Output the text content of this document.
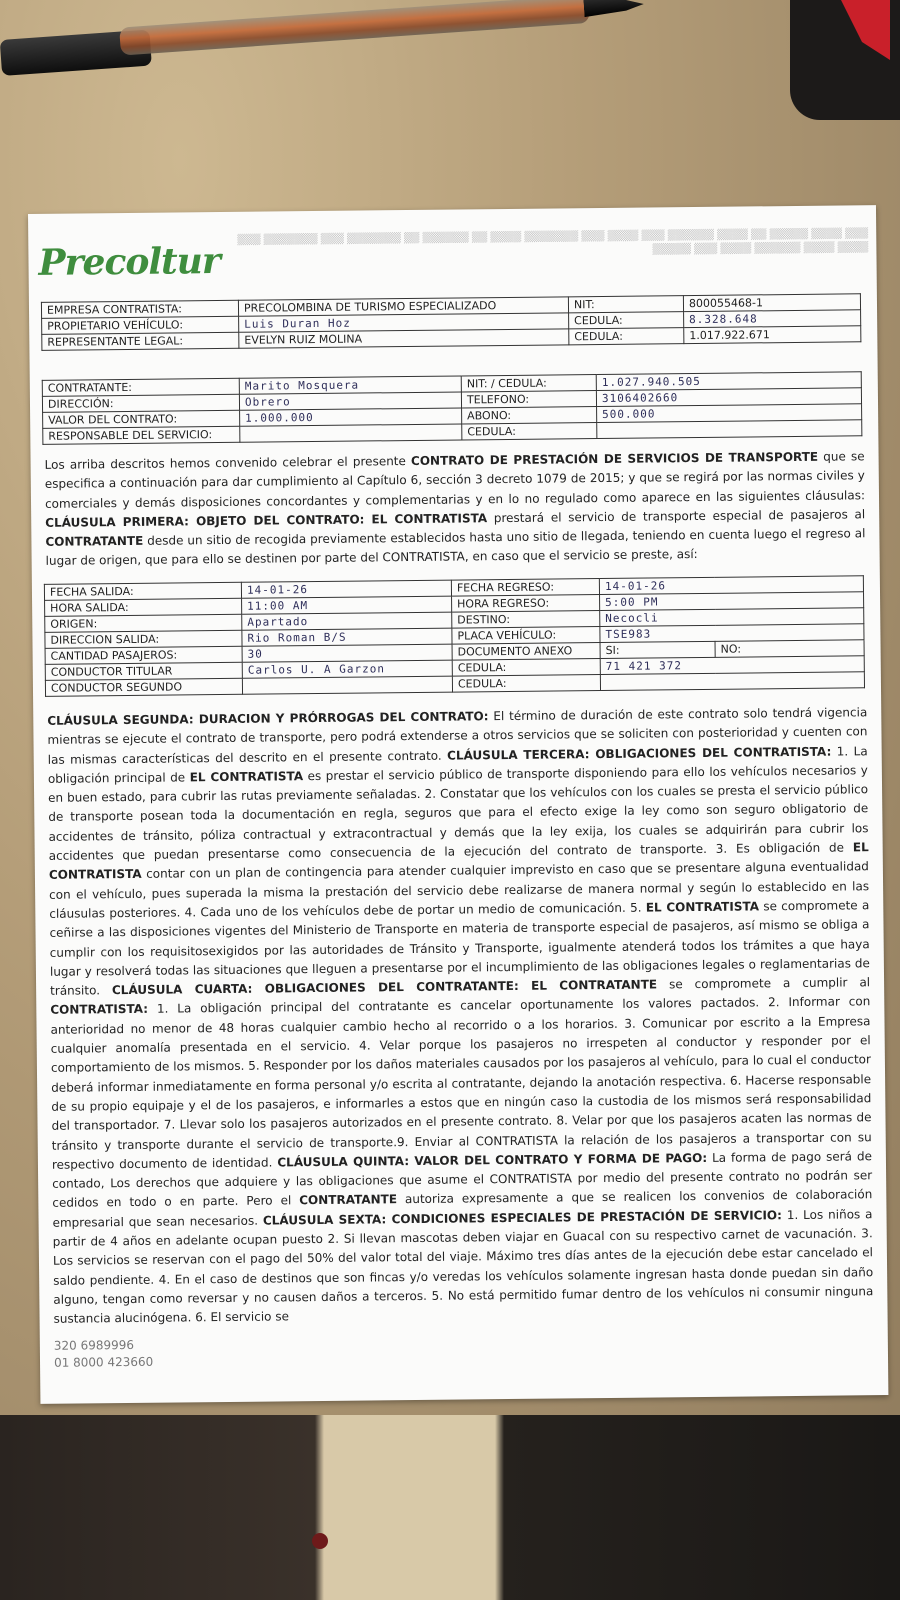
▒▒▒ ▒▒▒▒ ▒▒▒▒▒ ▒▒ ▒▒▒▒ ▒▒▒▒▒▒ ▒▒▒ ▒▒▒▒ ▒▒▒ ▒▒▒▒▒▒▒ ▒▒▒▒ ▒▒ ▒▒▒▒▒▒ ▒▒ ▒▒▒▒▒▒▒ ▒▒▒ ▒▒▒▒▒▒▒ ▒▒▒ ▒▒▒▒ ▒▒▒▒ ▒▒▒▒▒▒ ▒▒▒▒ ▒▒▒ ▒▒▒▒▒
Precoltur
EMPRESA CONTRATISTA:	PRECOLOMBINA DE TURISMO ESPECIALIZADO	NIT:	800055468-1
PROPIETARIO VEHÍCULO:	Luis Duran Hoz	CEDULA:	8.328.648
REPRESENTANTE LEGAL:	EVELYN RUIZ MOLINA	CEDULA:	1.017.922.671
CONTRATANTE:	Marito Mosquera	NIT: / CEDULA:	1.027.940.505
DIRECCIÓN:	Obrero	TELEFONO:	3106402660
VALOR DEL CONTRATO:	1.000.000	ABONO:	500.000
RESPONSABLE DEL SERVICIO:		CEDULA:	
Los arriba descritos hemos convenido celebrar el presente CONTRATO DE PRESTACIÓN DE SERVICIOS DE TRANSPORTE que se especifica a continuación para dar cumplimiento al Capítulo 6, sección 3 decreto 1079 de 2015; y que se regirá por las normas civiles y comerciales y demás disposiciones concordantes y complementarias y en lo no regulado como aparece en las siguientes cláusulas: CLÁUSULA PRIMERA: OBJETO DEL CONTRATO: EL CONTRATISTA prestará el servicio de transporte especial de pasajeros al CONTRATANTE desde un sitio de recogida previamente establecidos hasta uno sitio de llegada, teniendo en cuenta luego el regreso al lugar de origen, que para ello se destinen por parte del CONTRATISTA, en caso que el servicio se preste, así:
FECHA SALIDA:	14-01-26	FECHA REGRESO:	14-01-26	
HORA SALIDA:	11:00 AM	HORA REGRESO:	5:00 PM	
ORIGEN:	Apartado	DESTINO:	Necocli	
DIRECCION SALIDA:	Rio Roman B/S	PLACA VEHÍCULO:	TSE983	
CANTIDAD PASAJEROS:	30	DOCUMENTO ANEXO	SI:	NO:
CONDUCTOR TITULAR	Carlos U. A Garzon	CEDULA:	71 421 372	
CONDUCTOR SEGUNDO		CEDULA:		
CLÁUSULA SEGUNDA: DURACION Y PRÓRROGAS DEL CONTRATO: El término de duración de este contrato solo tendrá vigencia mientras se ejecute el contrato de transporte, pero podrá extenderse a otros servicios que se soliciten con posterioridad y cuenten con las mismas características del descrito en el presente contrato. CLÁUSULA TERCERA: OBLIGACIONES DEL CONTRATISTA: 1. La obligación principal de EL CONTRATISTA es prestar el servicio público de transporte disponiendo para ello los vehículos necesarios y en buen estado, para cubrir las rutas previamente señaladas. 2. Constatar que los vehículos con los cuales se presta el servicio público de transporte posean toda la documentación en regla, seguros que para el efecto exige la ley como son seguro obligatorio de accidentes de tránsito, póliza contractual y extracontractual y demás que la ley exija, los cuales se adquirirán para cubrir los accidentes que puedan presentarse como consecuencia de la ejecución del contrato de transporte. 3. Es obligación de EL CONTRATISTA contar con un plan de contingencia para atender cualquier imprevisto en caso que se presentare alguna eventualidad con el vehículo, pues superada la misma la prestación del servicio debe realizarse de manera normal y según lo establecido en las cláusulas posteriores. 4. Cada uno de los vehículos debe de portar un medio de comunicación. 5. EL CONTRATISTA se compromete a ceñirse a las disposiciones vigentes del Ministerio de Transporte en materia de transporte especial de pasajeros, así mismo se obliga a cumplir con los requisitosexigidos por las autoridades de Tránsito y Transporte, igualmente atenderá todos los trámites a que haya lugar y resolverá todas las situaciones que lleguen a presentarse por el incumplimiento de las obligaciones legales o reglamentarias de tránsito. CLÁUSULA CUARTA: OBLIGACIONES DEL CONTRATANTE: EL CONTRATANTE se compromete a cumplir al CONTRATISTA: 1. La obligación principal del contratante es cancelar oportunamente los valores pactados. 2. Informar con anterioridad no menor de 48 horas cualquier cambio hecho al recorrido o a los horarios. 3. Comunicar por escrito a la Empresa cualquier anomalía presentada en el servicio. 4. Velar porque los pasajeros no irrespeten al conductor y responder por el comportamiento de los mismos. 5. Responder por los daños materiales causados por los pasajeros al vehículo, para lo cual el conductor deberá informar inmediatamente en forma personal y/o escrita al contratante, dejando la anotación respectiva. 6. Hacerse responsable de su propio equipaje y el de los pasajeros, e informarles a estos que en ningún caso la custodia de los mismos será responsabilidad del transportador. 7. Llevar solo los pasajeros autorizados en el presente contrato. 8. Velar por que los pasajeros acaten las normas de tránsito y transporte durante el servicio de transporte.9. Enviar al CONTRATISTA la relación de los pasajeros a transportar con su respectivo documento de identidad. CLÁUSULA QUINTA: VALOR DEL CONTRATO Y FORMA DE PAGO: La forma de pago será de contado, Los derechos que adquiere y las obligaciones que asume el CONTRATISTA por medio del presente contrato no podrán ser cedidos en todo o en parte. Pero el CONTRATANTE autoriza expresamente a que se realicen los convenios de colaboración empresarial que sean necesarios. CLÁUSULA SEXTA: CONDICIONES ESPECIALES DE PRESTACIÓN DE SERVICIO: 1. Los niños a partir de 4 años en adelante ocupan puesto 2. Si llevan mascotas deben viajar en Guacal con su respectivo carnet de vacunación. 3. Los servicios se reservan con el pago del 50% del valor total del viaje. Máximo tres días antes de la ejecución debe estar cancelado el saldo pendiente. 4. En el caso de destinos que son fincas y/o veredas los vehículos solamente ingresan hasta donde puedan sin daño alguno, tengan como reversar y no causen daños a terceros. 5. No está permitido fumar dentro de los vehículos ni consumir ninguna sustancia alucinógena. 6. El servicio se
320 6989996
01 8000 423660
